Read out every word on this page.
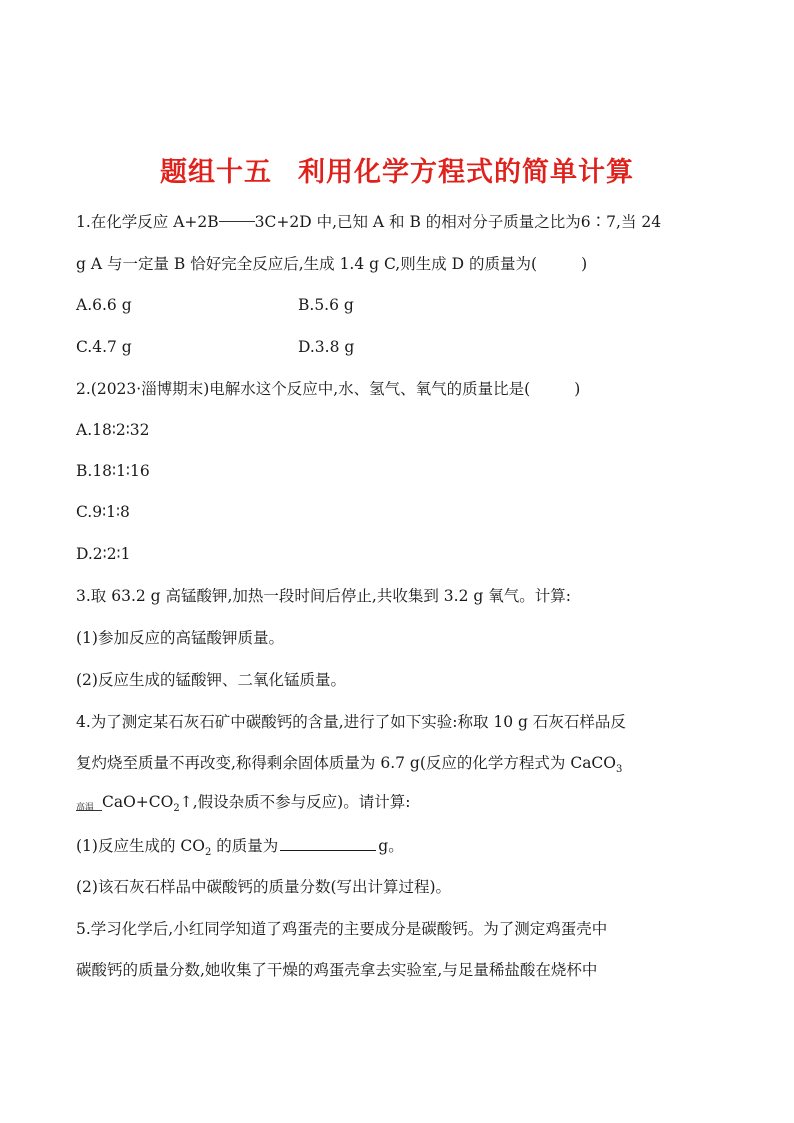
题组十五 利用化学方程式的简单计算
1.在化学反应 A+2B 3C+2D 中,已知 A 和 B 的相对分子质量之比为6∶7,当 24
g A 与一定量 B 恰好完全反应后,生成 1.4 g C,则生成 D 的质量为(	)
A.6.6 g	B.5.6 g
C.4.7 g	D.3.8 g
2.(2023·淄博期末)电解水这个反应中,水、氢气、氧气的质量比是(	)
A.18∶2∶32
B.18∶1∶16
C.9∶1∶8
D.2∶2∶1
3.取 63.2 g 高锰酸钾,加热一段时间后停止,共收集到 3.2 g 氧气。计算:
(1)参加反应的高锰酸钾质量。
(2)反应生成的锰酸钾、二氧化锰质量。
4.为了测定某石灰石矿中碳酸钙的含量,进行了如下实验:称取 10 g 石灰石样品反
复灼烧至质量不再改变,称得剩余固体质量为 6.7 g(反应的化学方程式为 CaCO$_3$
高温 $CaO+CO_2↑$,假设杂质不参与反应)。请计算:
(1)反应生成的 $CO_2$ 的质量为	g。
(2)该石灰石样品中碳酸钙的质量分数(写出计算过程)。
5.学习化学后,小红同学知道了鸡蛋壳的主要成分是碳酸钙。为了测定鸡蛋壳中
碳酸钙的质量分数,她收集了干燥的鸡蛋壳拿去实验室,与足量稀盐酸在烧杯中
